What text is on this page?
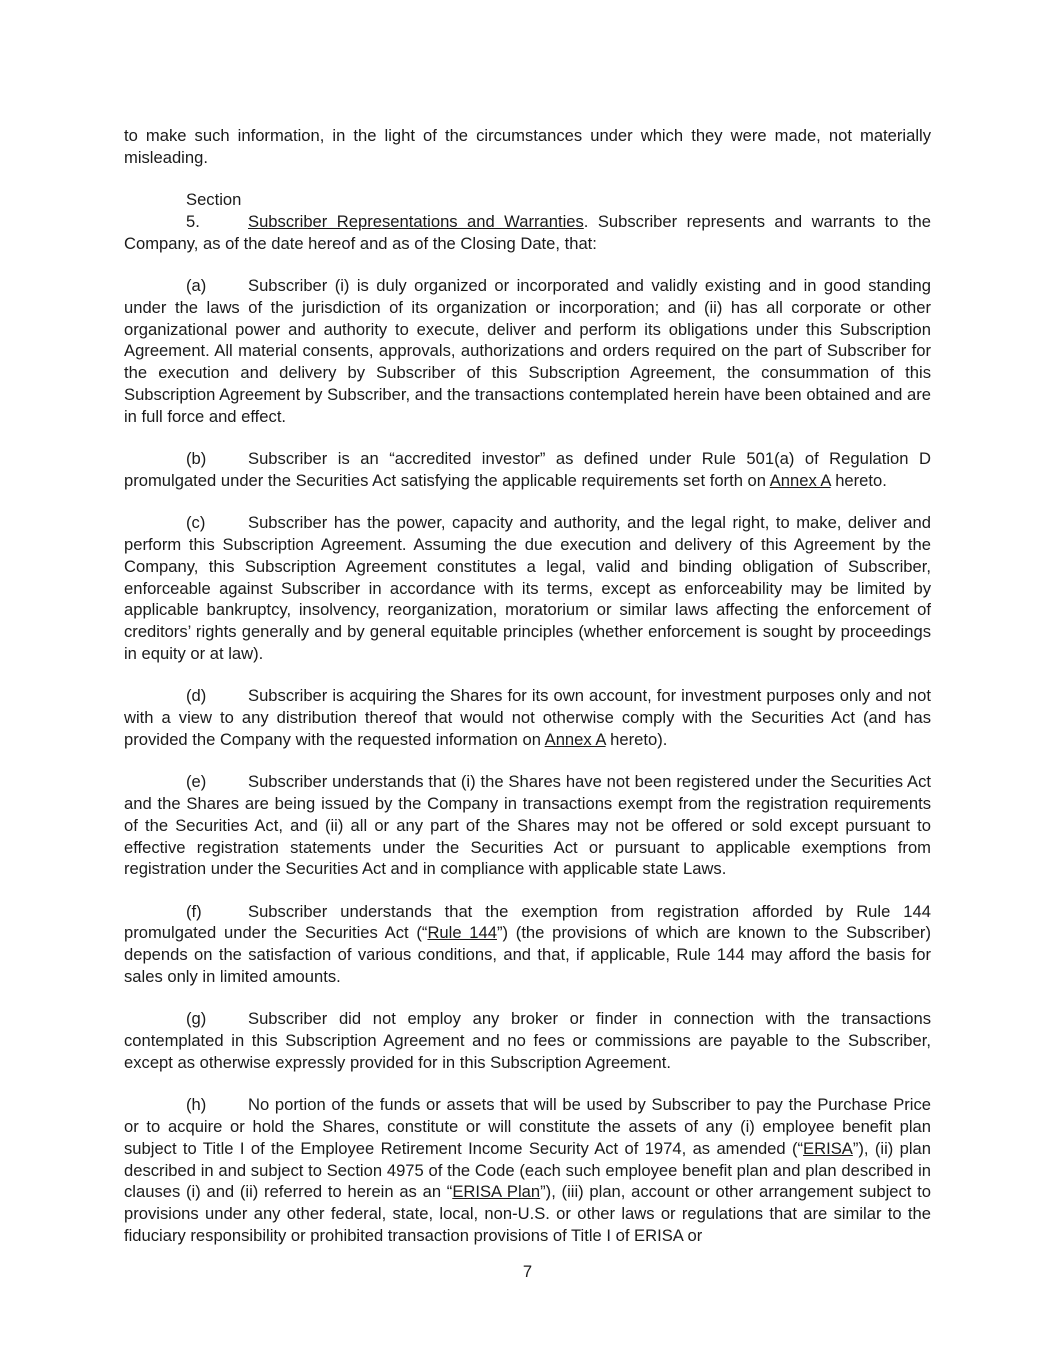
to make such information, in the light of the circumstances under which they were made, not materially misleading.

Section 5.	Subscriber Representations and Warranties. Subscriber represents and warrants to the Company, as of the date hereof and as of the Closing Date, that:

(a)	Subscriber (i) is duly organized or incorporated and validly existing and in good standing under the laws of the jurisdiction of its organization or incorporation; and (ii) has all corporate or other organizational power and authority to execute, deliver and perform its obligations under this Subscription Agreement. All material consents, approvals, authorizations and orders required on the part of Subscriber for the execution and delivery by Subscriber of this Subscription Agreement, the consummation of this Subscription Agreement by Subscriber, and the transactions contemplated herein have been obtained and are in full force and effect.

(b)	Subscriber is an “accredited investor” as defined under Rule 501(a) of Regulation D promulgated under the Securities Act satisfying the applicable requirements set forth on Annex A hereto.

(c)	Subscriber has the power, capacity and authority, and the legal right, to make, deliver and perform this Subscription Agreement. Assuming the due execution and delivery of this Agreement by the Company, this Subscription Agreement constitutes a legal, valid and binding obligation of Subscriber, enforceable against Subscriber in accordance with its terms, except as enforceability may be limited by applicable bankruptcy, insolvency, reorganization, moratorium or similar laws affecting the enforcement of creditors’ rights generally and by general equitable principles (whether enforcement is sought by proceedings in equity or at law).

(d)	Subscriber is acquiring the Shares for its own account, for investment purposes only and not with a view to any distribution thereof that would not otherwise comply with the Securities Act (and has provided the Company with the requested information on Annex A hereto).

(e)	Subscriber understands that (i) the Shares have not been registered under the Securities Act and the Shares are being issued by the Company in transactions exempt from the registration requirements of the Securities Act, and (ii) all or any part of the Shares may not be offered or sold except pursuant to effective registration statements under the Securities Act or pursuant to applicable exemptions from registration under the Securities Act and in compliance with applicable state Laws.

(f)	Subscriber understands that the exemption from registration afforded by Rule 144 promulgated under the Securities Act (“Rule 144”) (the provisions of which are known to the Subscriber) depends on the satisfaction of various conditions, and that, if applicable, Rule 144 may afford the basis for sales only in limited amounts.

(g)	Subscriber did not employ any broker or finder in connection with the transactions contemplated in this Subscription Agreement and no fees or commissions are payable to the Subscriber, except as otherwise expressly provided for in this Subscription Agreement.

(h)	No portion of the funds or assets that will be used by Subscriber to pay the Purchase Price or to acquire or hold the Shares, constitute or will constitute the assets of any (i) employee benefit plan subject to Title I of the Employee Retirement Income Security Act of 1974, as amended (“ERISA”), (ii) plan described in and subject to Section 4975 of the Code (each such employee benefit plan and plan described in clauses (i) and (ii) referred to herein as an “ERISA Plan”), (iii) plan, account or other arrangement subject to provisions under any other federal, state, local, non-U.S. or other laws or regulations that are similar to the fiduciary responsibility or prohibited transaction provisions of Title I of ERISA or

7
